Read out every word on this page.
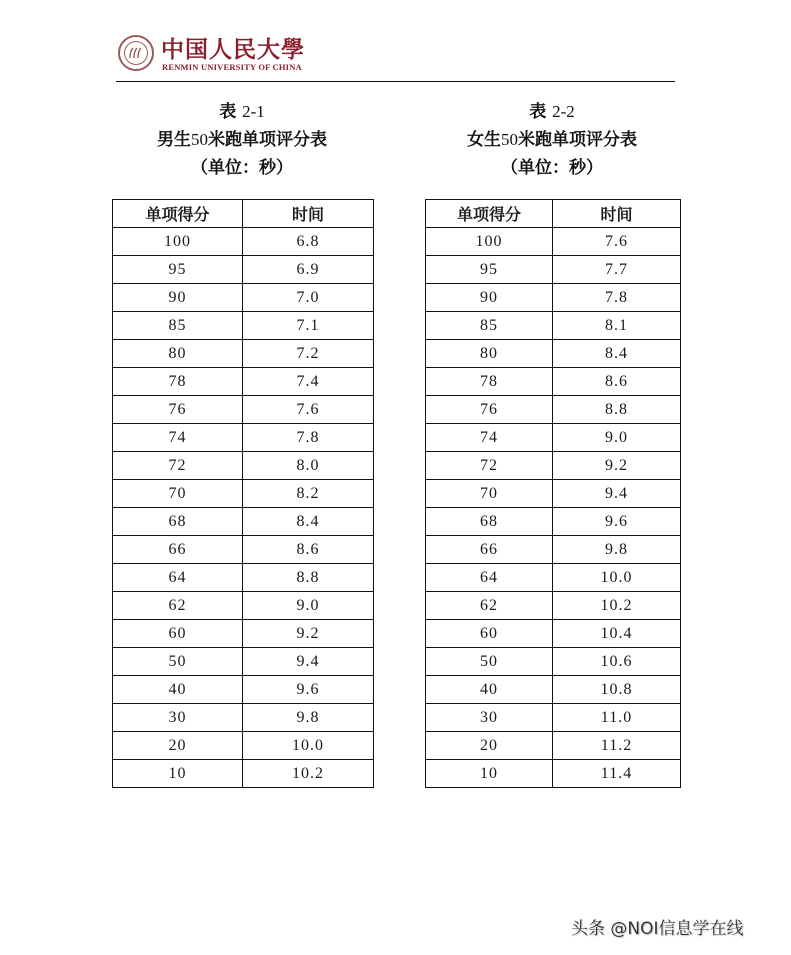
中国人民大學
RENMIN UNIVERSITY OF CHINA
表 2-1
男生50米跑单项评分表
（单位：秒）
表 2-2
女生50米跑单项评分表
（单位：秒）
单项得分	时间
100	6.8
95	6.9
90	7.0
85	7.1
80	7.2
78	7.4
76	7.6
74	7.8
72	8.0
70	8.2
68	8.4
66	8.6
64	8.8
62	9.0
60	9.2
50	9.4
40	9.6
30	9.8
20	10.0
10	10.2
单项得分	时间
100	7.6
95	7.7
90	7.8
85	8.1
80	8.4
78	8.6
76	8.8
74	9.0
72	9.2
70	9.4
68	9.6
66	9.8
64	10.0
62	10.2
60	10.4
50	10.6
40	10.8
30	11.0
20	11.2
10	11.4
头条 @NOI信息学在线
